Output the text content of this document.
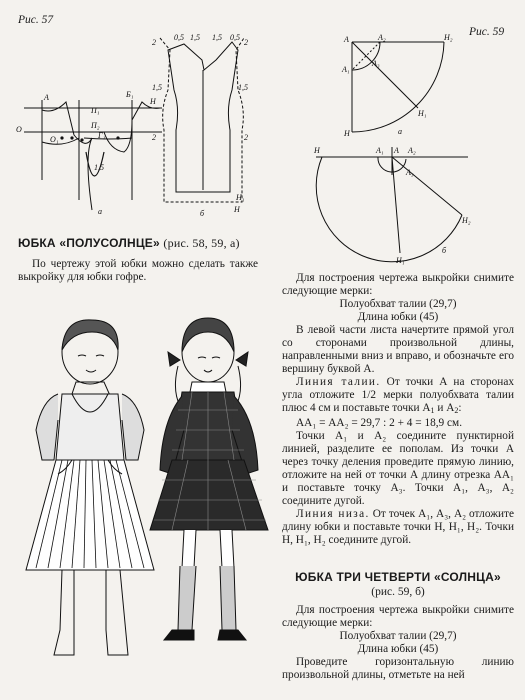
Рис. 57
Рис. 59
А
О
Б₁
П₁
П₂
Г₁
1,5
О₁
Н
а
0,5 1,5 1,5 0,5
2	2
1,5	1,5
2	2
Н₁
Н
б
А	А₂
А₁
А₃
Н₂
Н
Н₁
а
Н	А₁ А А₂
А₃
Н₂
Н₁
б
ЮБКА «ПОЛУСОЛНЦЕ» (рис. 58, 59, а)
По чертежу этой юбки можно сделать также выкройку для юбки гофре.	Для построения чертежа выкройки снимите следующие мерки:

Полуобхват талии (29,7)

Длина юбки (45)

В левой части листа начертите прямой угол со сторонами произвольной длины, направленными вниз и вправо, и обозначьте его вершину буквой А.

Линия талии. От точки А на сторонах угла отложите 1/2 мерки полуобхвата талии плюс 4 см и поставьте точки $А_1$ и $А_2$:

АА₁ = АА₂ = 29,7 : 2 + 4 = 18,9 см.

Точки А₁ и А₂ соедините пунктирной линией, разделите ее пополам. Из точки А через точку деления проведите прямую линию, отложите на ней от точки А длину отрезка АА₁ и поставьте точку А₃. Точки А₁, А₃, А₂ соедините дугой.

Линия низа. От точек А₁, А₃, А₂ отложите длину юбки и поставьте точки Н, Н₁, Н₂. Точки Н, Н₁, Н₂ соедините дугой.

ЮБКА ТРИ ЧЕТВЕРТИ «СОЛНЦА»
(рис. 59, б)

Для построения чертежа выкройки снимите следующие мерки:

Полуобхват талии (29,7)

Длина юбки (45)

Проведите горизонтальную линию произвольной длины, отметьте на ней
